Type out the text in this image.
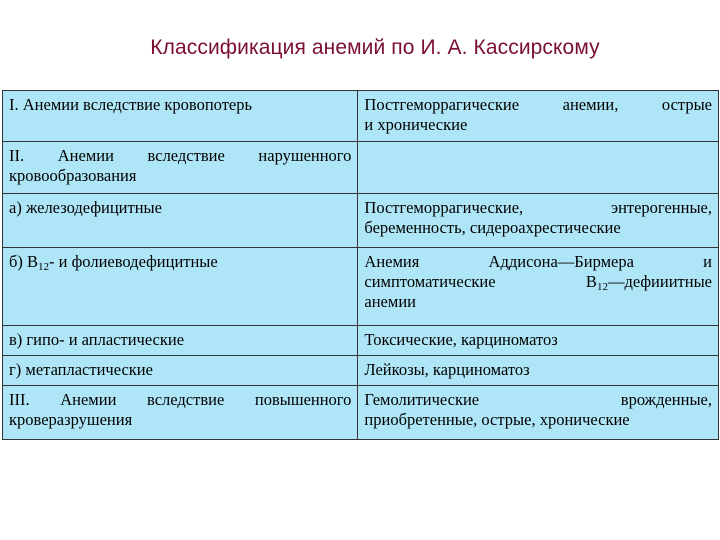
Классификация анемий по И. А. Кассирскому
I. Анемии вследствие кровопотерь	Постгеморрагические анемии, острые
и хронические

II. Анемии вследствие нарушенного
кровообразования	
а) железодефицитные	Постгеморрагические, энтерогенные,
беременность, сидероахрестические
б) $В_{12}-$ и фолиеводефицитные	Анемия Аддисона—Бирмера и
симптоматические $В_{12}—дефииитные$
анемии
в) гипо- и апластические	Токсические, карциноматоз
г) метапластические	Лейкозы, карциноматоз

III. Анемии вследствие повышенного
кроверазрушения	Гемолитические врожденные,
приобретенные, острые, хронические
